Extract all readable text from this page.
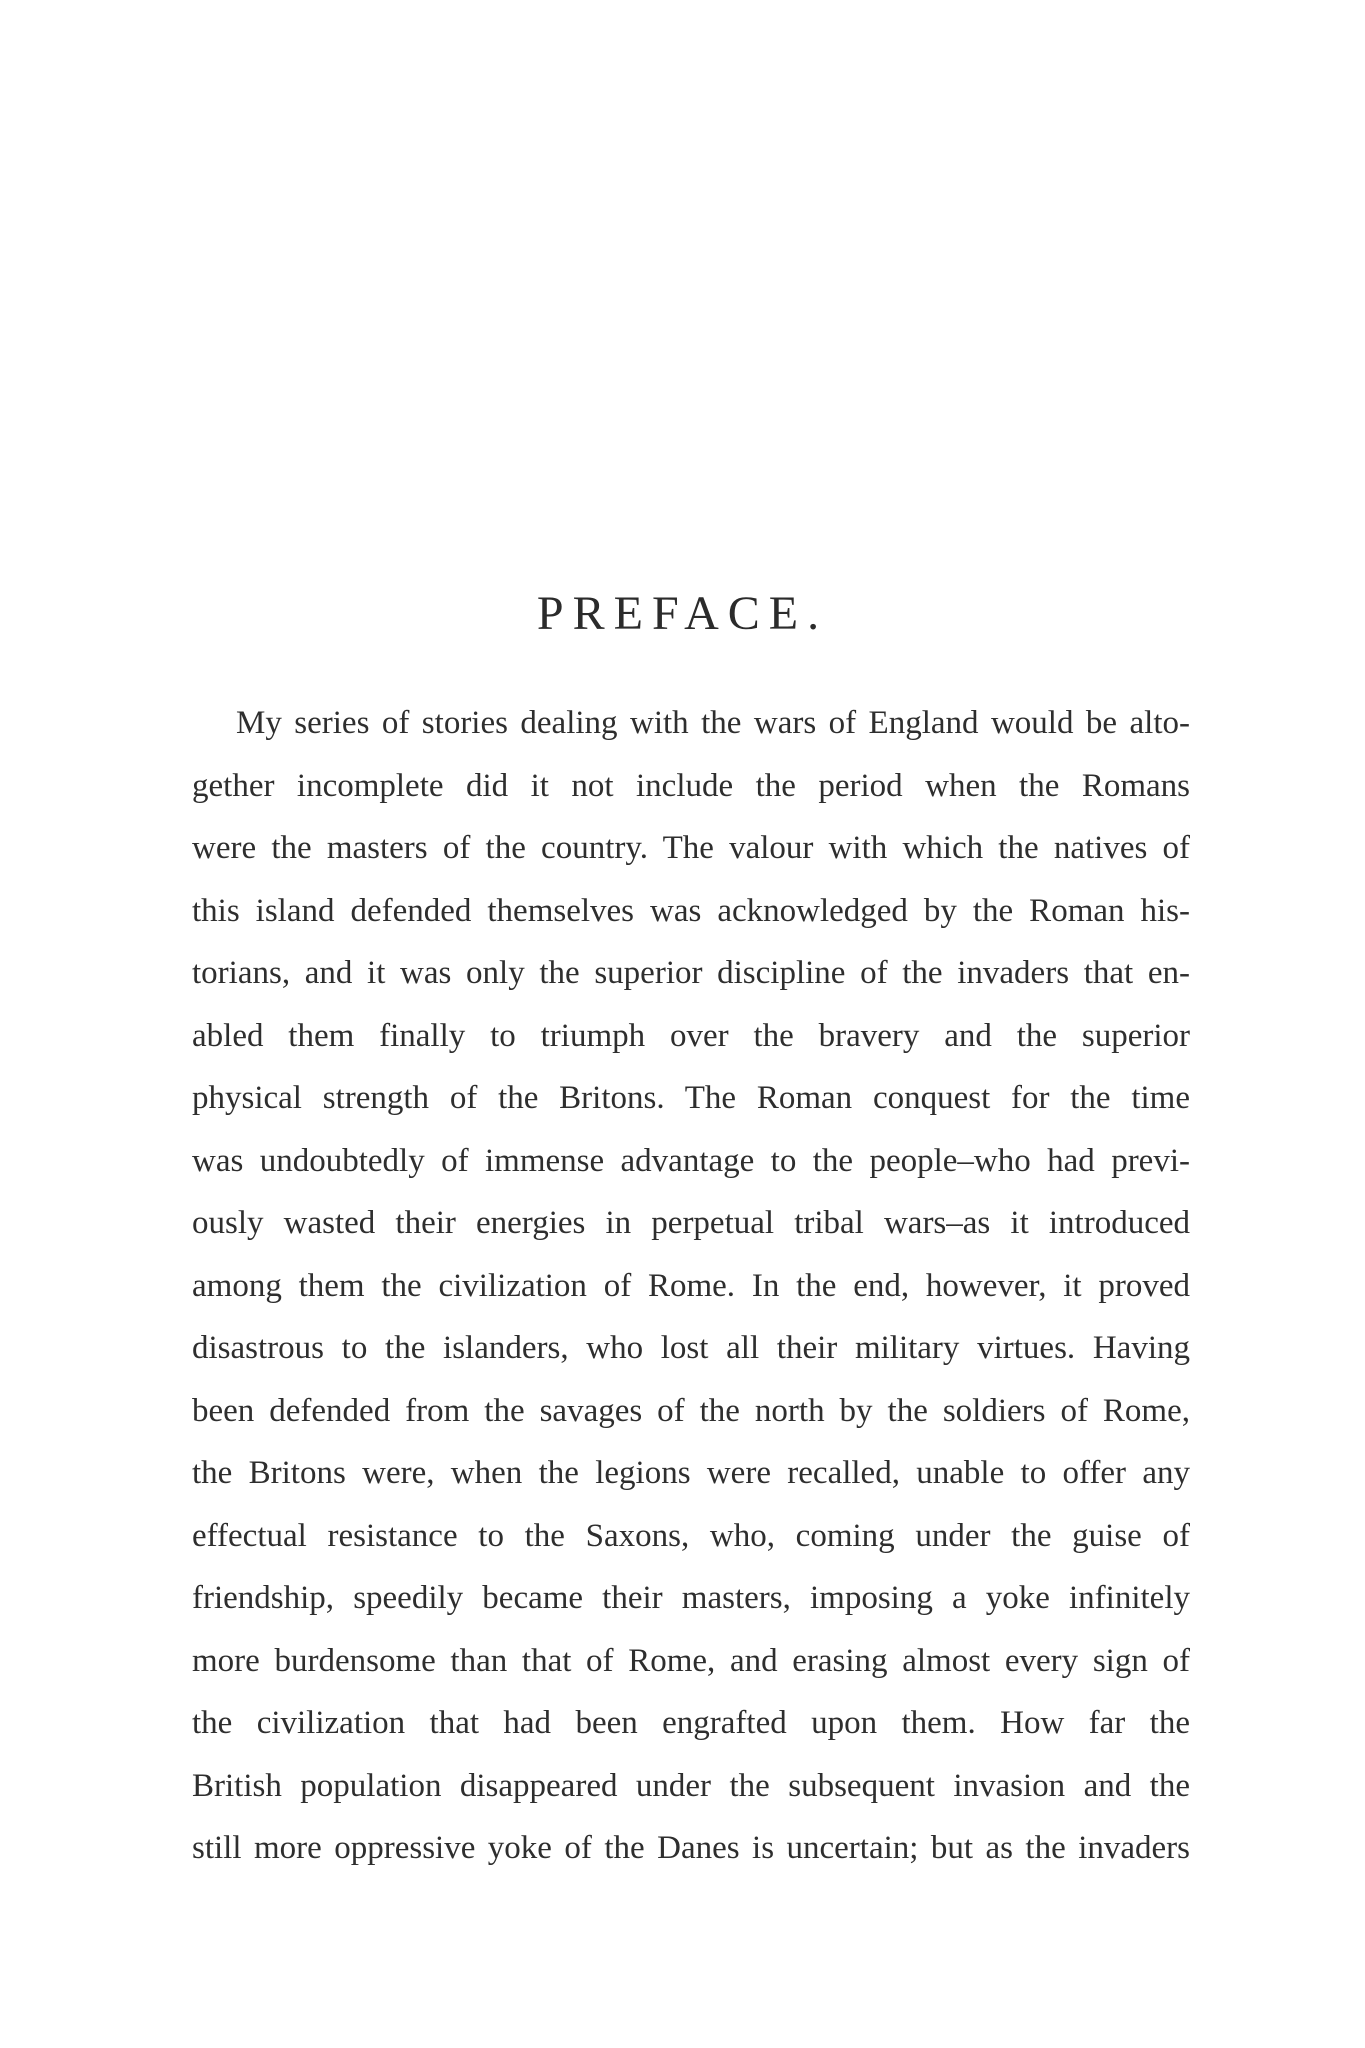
PREFACE.
My series of stories dealing with the wars of England would be alto-
gether incomplete did it not include the period when the Romans
were the masters of the country. The valour with which the natives of
this island defended themselves was acknowledged by the Roman his-
torians, and it was only the superior discipline of the invaders that en-
abled them finally to triumph over the bravery and the superior
physical strength of the Britons. The Roman conquest for the time
was undoubtedly of immense advantage to the people–who had previ-
ously wasted their energies in perpetual tribal wars–as it introduced
among them the civilization of Rome. In the end, however, it proved
disastrous to the islanders, who lost all their military virtues. Having
been defended from the savages of the north by the soldiers of Rome,
the Britons were, when the legions were recalled, unable to offer any
effectual resistance to the Saxons, who, coming under the guise of
friendship, speedily became their masters, imposing a yoke infinitely
more burdensome than that of Rome, and erasing almost every sign of
the civilization that had been engrafted upon them. How far the
British population disappeared under the subsequent invasion and the
still more oppressive yoke of the Danes is uncertain; but as the invaders
